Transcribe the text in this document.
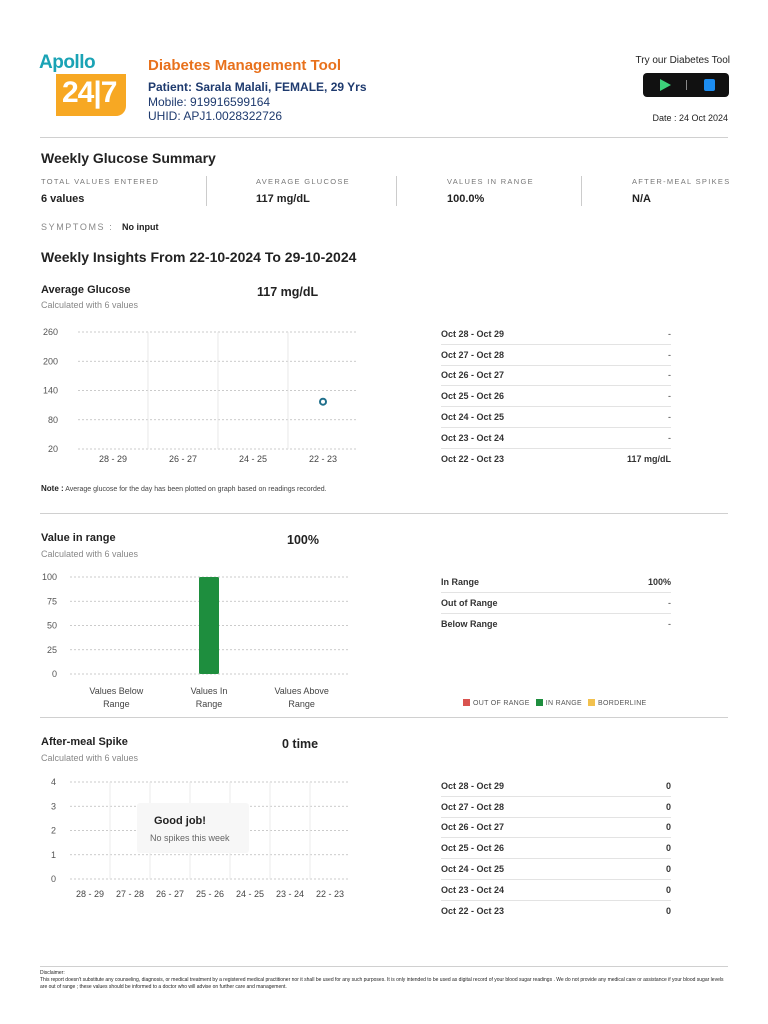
Apollo
24|7
Diabetes Management Tool
Patient: Sarala Malali, FEMALE, 29 Yrs
Mobile: 919916599164
UHID: APJ1.0028322726
Try our Diabetes Tool
Date : 24 Oct 2024
Weekly Glucose Summary
TOTAL VALUES ENTERED
6 values
AVERAGE GLUCOSE
117 mg/dL
VALUES IN RANGE
100.0%
AFTER-MEAL SPIKES
N/A
SYMPTOMS : No input
Weekly Insights From 22-10-2024 To 29-10-2024
Average Glucose
Calculated with 6 values
117 mg/dL
20
80
140
200
260
28 - 29	26 - 27	24 - 25	22 - 23
Oct 28 - Oct 29	-
Oct 27 - Oct 28	-
Oct 26 - Oct 27	-
Oct 25 - Oct 26	-
Oct 24 - Oct 25	-
Oct 23 - Oct 24	-
Oct 22 - Oct 23	117 mg/dL
Note : Average glucose for the day has been plotted on graph based on readings recorded.
Value in range
Calculated with 6 values
100%
0
25
50
75
100
Values Below
Range
Values In
Range
Values Above
Range
In Range	100%
Out of Range	-
Below Range	-
OUT OF RANGE	IN RANGE	BORDERLINE
After-meal Spike
Calculated with 6 values
0 time
0
1
2
3
4
28 - 29 27 - 28 26 - 27 25 - 26 24 - 25 23 - 24 22 - 23
Good job!
No spikes this week
Oct 28 - Oct 29	0
Oct 27 - Oct 28	0
Oct 26 - Oct 27	0
Oct 25 - Oct 26	0
Oct 24 - Oct 25	0
Oct 23 - Oct 24	0
Oct 22 - Oct 23	0
Disclaimer:
This report doesn't substitute any counseling, diagnosis, or medical treatment by a registered medical practitioner nor it shall be used for any such purposes. It is only intended to be used as digital record of your blood sugar readings . We do not provide any medical care or assistance if your blood sugar levels are out of range ; these values should be informed to a doctor who will advise on further care and management.
